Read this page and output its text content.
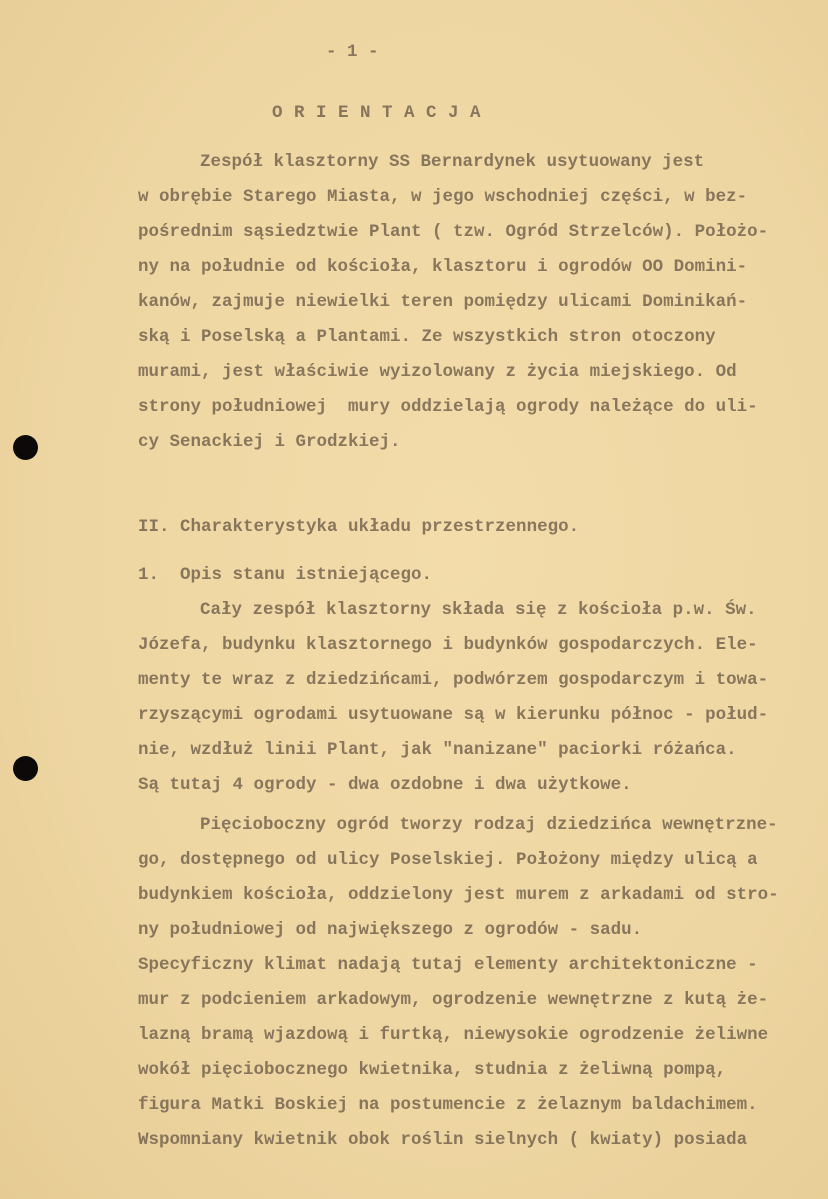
- 1 -
O R I E N T A C J A
Zespół klasztorny SS Bernardynek usytuowany jest
w obrębie Starego Miasta, w jego wschodniej części, w bez-
pośrednim sąsiedztwie Plant ( tzw. Ogród Strzelców). Położo-
ny na południe od kościoła, klasztoru i ogrodów OO Domini-
kanów, zajmuje niewielki teren pomiędzy ulicami Dominikań-
ską i Poselską a Plantami. Ze wszystkich stron otoczony
murami, jest właściwie wyizolowany z życia miejskiego. Od
strony południowej  mury oddzielają ogrody należące do uli-
cy Senackiej i Grodzkiej.
II. Charakterystyka układu przestrzennego.
1.  Opis stanu istniejącego.
Cały zespół klasztorny składa się z kościoła p.w. Św.
Józefa, budynku klasztornego i budynków gospodarczych. Ele-
menty te wraz z dziedzińcami, podwórzem gospodarczym i towa-
rzyszącymi ogrodami usytuowane są w kierunku północ - połud-
nie, wzdłuż linii Plant, jak "nanizane" paciorki różańca.
Są tutaj 4 ogrody - dwa ozdobne i dwa użytkowe.
Pięcioboczny ogród tworzy rodzaj dziedzińca wewnętrzne-
go, dostępnego od ulicy Poselskiej. Położony między ulicą a
budynkiem kościoła, oddzielony jest murem z arkadami od stro-
ny południowej od największego z ogrodów - sadu.
Specyficzny klimat nadają tutaj elementy architektoniczne -
mur z podcieniem arkadowym, ogrodzenie wewnętrzne z kutą że-
lazną bramą wjazdową i furtką, niewysokie ogrodzenie żeliwne
wokół pięciobocznego kwietnika, studnia z żeliwną pompą,
figura Matki Boskiej na postumencie z żelaznym baldachimem.
Wspomniany kwietnik obok roślin sielnych ( kwiaty) posiada
